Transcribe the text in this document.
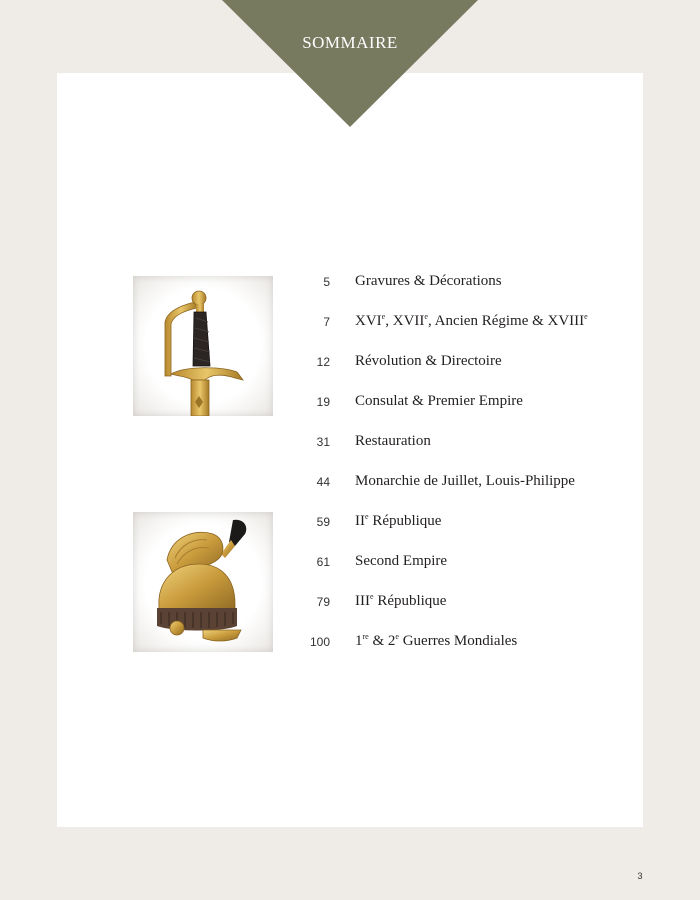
SOMMAIRE
5 Gravures & Décorations
7 XVIe, XVIIe, Ancien Régime & XVIIIe
12 Révolution & Directoire
19 Consulat & Premier Empire
31 Restauration
44 Monarchie de Juillet, Louis-Philippe
59 IIe République
61 Second Empire
79 IIIe République
100 1re & 2e Guerres Mondiales
3
